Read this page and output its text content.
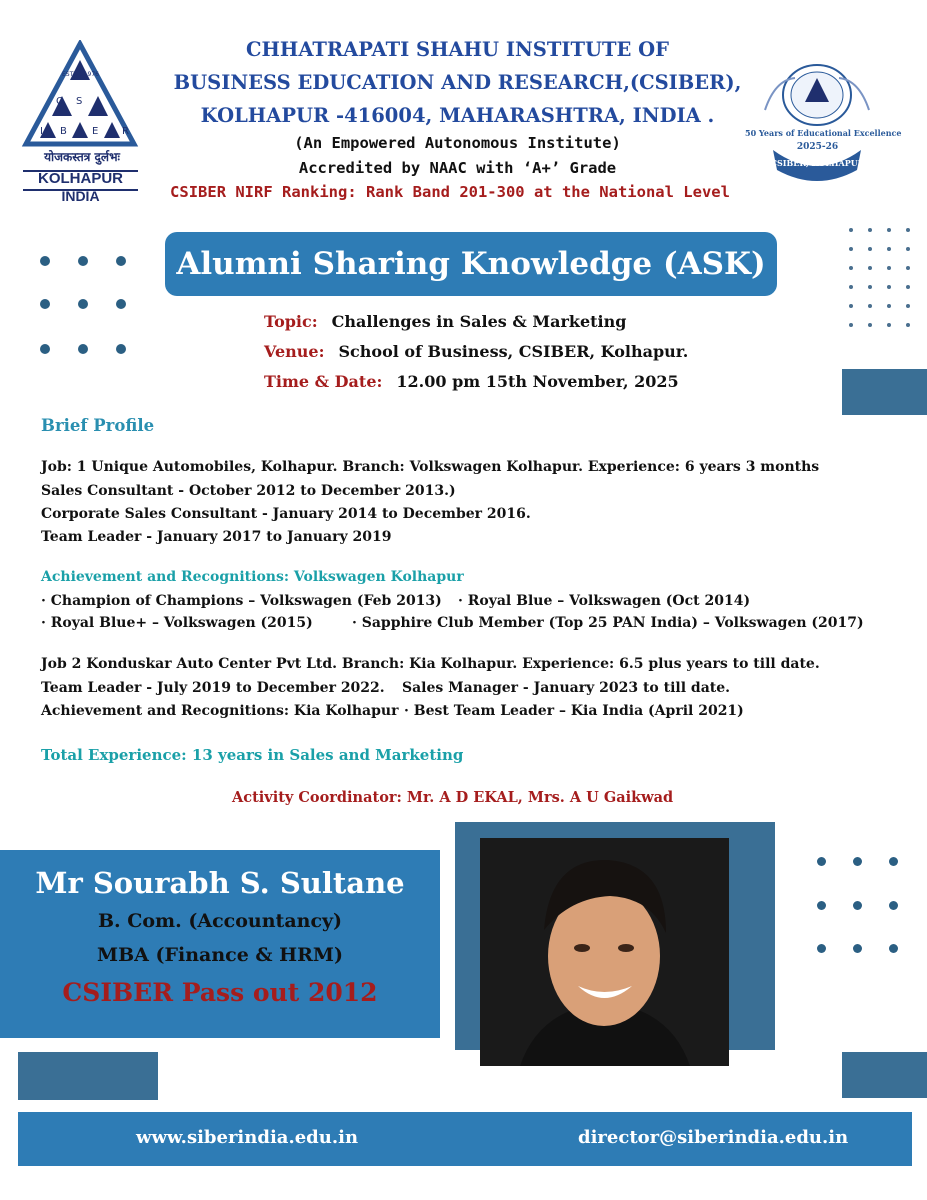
ESTD : 1976
C S
I B	E R
योजकस्तत्र दुर्लभः
KOLHAPUR
INDIA
CHHATRAPATI SHAHU INSTITUTE OF
BUSINESS EDUCATION AND RESEARCH,(CSIBER),
KOLHAPUR -416004, MAHARASHTRA, INDIA .
(An Empowered Autonomous Institute)
Accredited by NAAC with ‘A+’ Grade
CSIBER NIRF Ranking: Rank Band 201-300 at the National Level
50 Years of Educational Excellence
2025-26
CSIBER, KOLHAPUR
Alumni Sharing Knowledge (ASK)
Topic: Challenges in Sales & Marketing
Venue: School of Business, CSIBER, Kolhapur.
Time & Date: 12.00 pm 15th November, 2025
Brief Profile
Job: 1 Unique Automobiles, Kolhapur. Branch: Volkswagen Kolhapur. Experience: 6 years 3 months
Sales Consultant - October 2012 to December 2013.)
Corporate Sales Consultant - January 2014 to December 2016.
Team Leader - January 2017 to January 2019
Achievement and Recognitions: Volkswagen Kolhapur
· Champion of Champions – Volkswagen (Feb 2013) · Royal Blue – Volkswagen (Oct 2014)
· Royal Blue+ – Volkswagen (2015)	· Sapphire Club Member (Top 25 PAN India) – Volkswagen (2017)
Job 2 Konduskar Auto Center Pvt Ltd. Branch: Kia Kolhapur. Experience: 6.5 plus years to till date.
Team Leader - July 2019 to December 2022. Sales Manager - January 2023 to till date.
Achievement and Recognitions: Kia Kolhapur · Best Team Leader – Kia India (April 2021)
Total Experience: 13 years in Sales and Marketing
Activity Coordinator: Mr. A D EKAL, Mrs. A U Gaikwad
Mr Sourabh S. Sultane
B. Com. (Accountancy)
MBA (Finance & HRM)
CSIBER Pass out 2012
www.siberindia.edu.in	director@siberindia.edu.in
